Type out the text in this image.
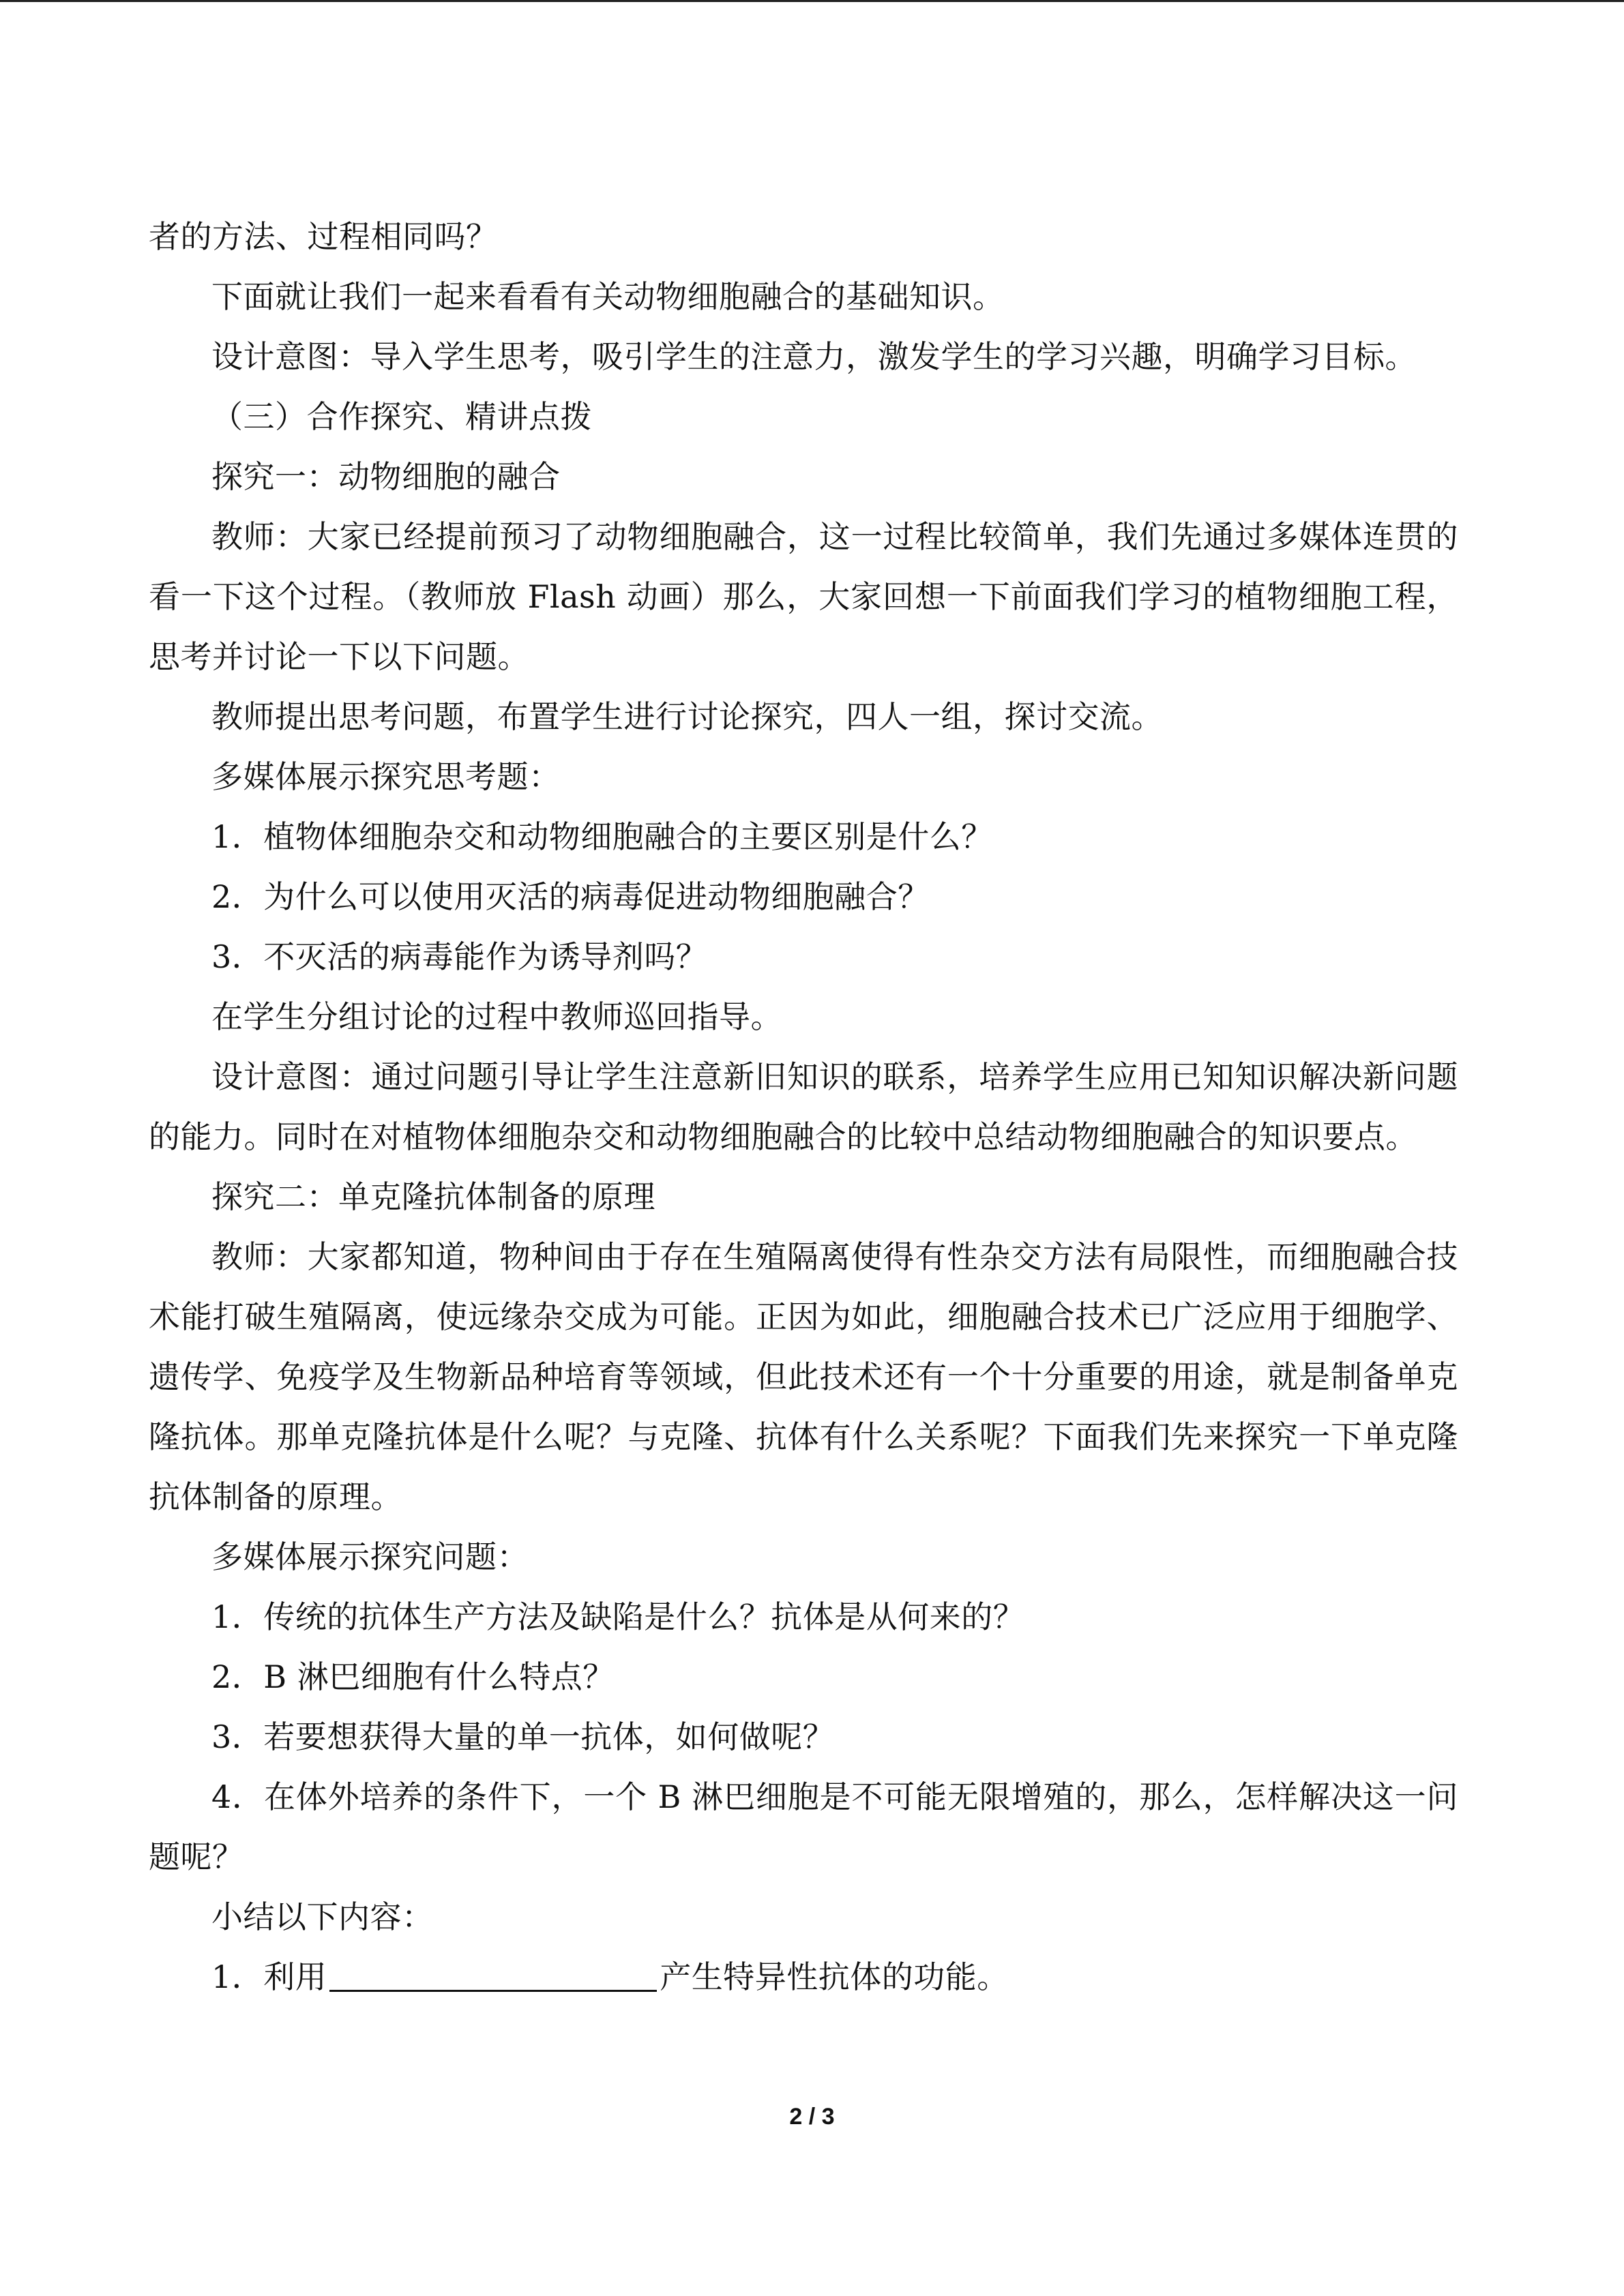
者的方法、过程相同吗？

下面就让我们一起来看看有关动物细胞融合的基础知识。

设计意图：导入学生思考，吸引学生的注意力，激发学生的学习兴趣，明确学习目标。

（三）合作探究、精讲点拨

探究一：动物细胞的融合

教师：大家已经提前预习了动物细胞融合，这一过程比较简单，我们先通过多媒体连贯的看一下这个过程。（教师放 Flash 动画）那么，大家回想一下前面我们学习的植物细胞工程，思考并讨论一下以下问题。

教师提出思考问题，布置学生进行讨论探究，四人一组，探讨交流。

多媒体展示探究思考题：

1．植物体细胞杂交和动物细胞融合的主要区别是什么？

2．为什么可以使用灭活的病毒促进动物细胞融合？

3．不灭活的病毒能作为诱导剂吗？

在学生分组讨论的过程中教师巡回指导。

设计意图：通过问题引导让学生注意新旧知识的联系，培养学生应用已知知识解决新问题的能力。同时在对植物体细胞杂交和动物细胞融合的比较中总结动物细胞融合的知识要点。

探究二：单克隆抗体制备的原理

教师：大家都知道，物种间由于存在生殖隔离使得有性杂交方法有局限性，而细胞融合技术能打破生殖隔离，使远缘杂交成为可能。正因为如此，细胞融合技术已广泛应用于细胞学、遗传学、免疫学及生物新品种培育等领域，但此技术还有一个十分重要的用途，就是制备单克隆抗体。那单克隆抗体是什么呢？与克隆、抗体有什么关系呢？下面我们先来探究一下单克隆抗体制备的原理。

多媒体展示探究问题：

1．传统的抗体生产方法及缺陷是什么？抗体是从何来的？

2．B 淋巴细胞有什么特点？

3．若要想获得大量的单一抗体，如何做呢？

4．在体外培养的条件下，一个 B 淋巴细胞是不可能无限增殖的，那么，怎样解决这一问题呢？

小结以下内容：

1．利用	产生特异性抗体的功能。

2 / 3
